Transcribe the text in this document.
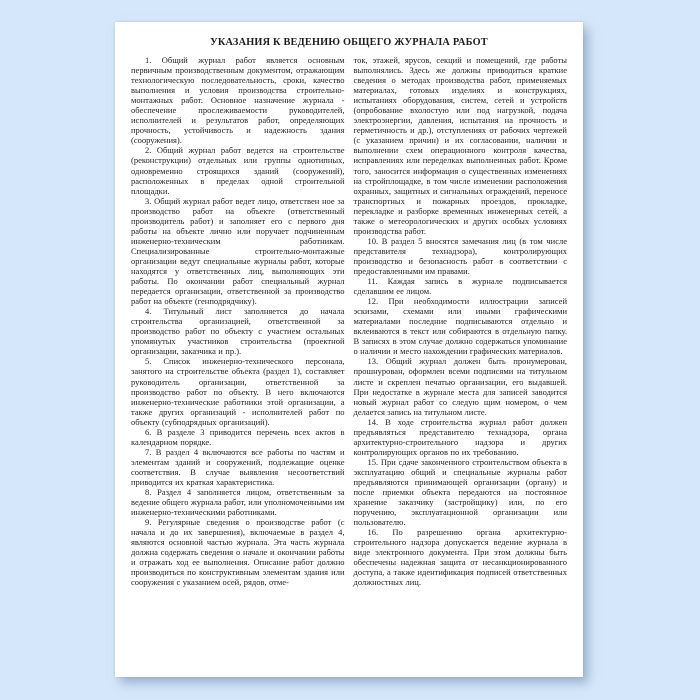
УКАЗАНИЯ К ВЕДЕНИЮ ОБЩЕГО ЖУРНАЛА РАБОТ

1. Общий журнал работ является основным первичным производственным документом, отражающим технологическую последовательность, сроки, качество выполнения и условия производства строительно-монтажных работ. Основное назначение журнала - обеспечение прослеживаемости руководителей, исполнителей и результатов работ, определяющих прочность, устойчивость и надежность здания (сооружения).

2. Общий журнал работ ведется на строительстве (реконструкции) отдельных или группы однотипных, одновременно строящихся зданий (сооружений), расположенных в пределах одной строительной площадки.

3. Общий журнал работ ведет лицо, ответствен ное за производство работ на объекте (ответственный производитель работ) и заполняет его с первого дня работы на объекте лично или поручает подчиненным инженерно-техническим работникам. Специализированные строительно-монтажные организации ведут специальные журналы работ, которые находятся у ответственных лиц, выполняющих эти работы. По окончании работ специальный журнал передается организации, ответственной за производство работ на объекте (генподрядчику).

4. Титульный лист заполняется до начала строительства организацией, ответственной за производство работ по объекту с участием остальных упомянутых участников строительства (проектной организации, заказчика и пр.).

5. Список инженерно-технического персонала, занятого на строительстве объекта (раздел 1), составляет руководитель организации, ответственной за производство работ по объекту. В него включаются инженерно-технические работники этой организации, а также других организаций - исполнителей работ по объекту (субподрядных организаций).

6. В разделе 3 приводится перечень всех актов в календарном порядке.

7. В раздел 4 включаются все работы по частям и элементам зданий и сооружений, подлежащие оценке соответствия. В случае выявления несоответствий приводится их краткая характеристика.

8. Раздел 4 заполняется лицом, ответственным за ведение общего журнала работ, или уполномоченными им инженерно-техническими работниками.

9. Регулярные сведения о производстве работ (с начала и до их завершения), включаемые в раздел 4, являются основной частью журнала. Эта часть журнала должна содержать сведения о начале и окончании работы и отражать ход ее выполнения. Описание работ должно производиться по конструктивным элементам здания или сооружения с указанием осей, рядов, отме-

ток, этажей, ярусов, секций и помещений, где работы выполнялись. Здесь же должны приводиться краткие сведения о методах производства работ, применяемых материалах, готовых изделиях и конструкциях, испытаниях оборудования, систем, сетей и устройств (опробование вхолостую или под нагрузкой, подача электроэнергии, давления, испытания на прочность и герметичность и др.), отступлениях от рабочих чертежей (с указанием причин) и их согласовании, наличии и выполнении схем операционного контроля качества, исправлениях или переделках выполненных работ. Кроме того, заносится информация о существенных изменениях на стройплощадке, в том числе изменении расположения охранных, защитных и сигнальных ограждений, переносе транспортных и пожарных проездов, прокладке, перекладке и разборке временных инженерных сетей, а также о метеорологических и других особых условиях производства работ.

10. В раздел 5 вносятся замечания лиц (в том числе представителя технадзора), контролирующих производство и безопасность работ в соответствии с предоставленными им правами.

11. Каждая запись в журнале подписывается сделавшим ее лицом.

12. При необходимости иллюстрации записей эскизами, схемами или иными графическими материалами последние подписываются отдельно и вклеиваются в текст или собираются в отдельную папку. В записях в этом случае должно содержаться упоминание о наличии и место нахождении графических материалов.

13. Общий журнал должен быть пронумерован, прошнурован, оформлен всеми подписями на титульном листе и скреплен печатью организации, его выдавшей. При недостатке в журнале места для записей заводится новый журнал работ со следую щим номером, о чем делается запись на титульном листе.

14. В ходе строительства журнал работ должен предъявляться представителю технадзора, органа архитектурно-строительного надзора и других контролирующих органов по их требованию.

15. При сдаче законченного строительством объекта в эксплуатацию общий и специальные журналы работ предъявляются принимающей организации (органу) и после приемки объекта передаются на постоянное хранение заказчику (застройщику) или, по его поручению, эксплуатационной организации или пользователю.

16. По разрешению органа архитектурно-строительного надзора допускается ведение журнала в виде электронного документа. При этом должны быть обеспечены надежная защита от несанкционированного доступа, а также идентификация подписей ответственных должностных лиц.
